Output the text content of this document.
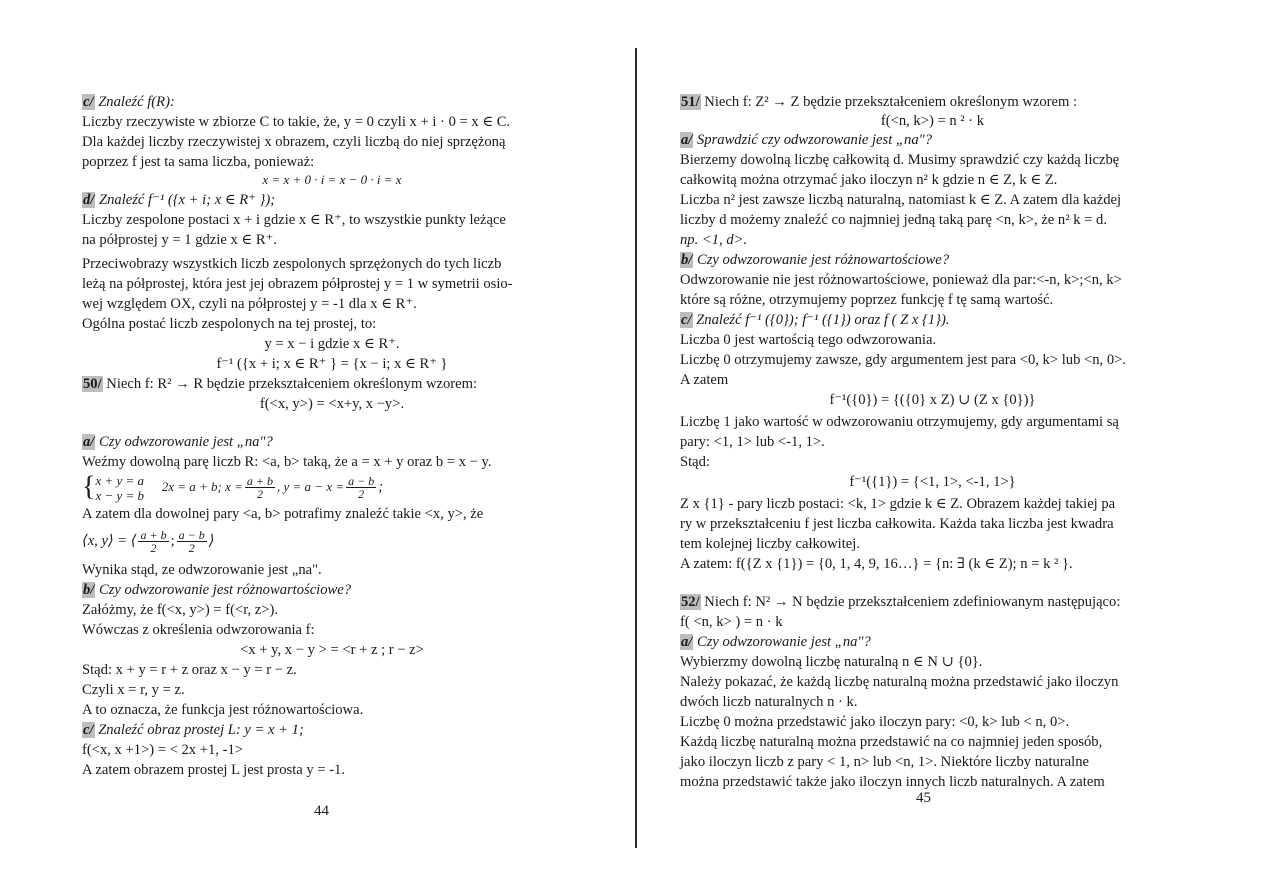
c/ Znaleźć f(R):
Liczby rzeczywiste w zbiorze C to takie, że, y = 0 czyli x + i · 0 = x ∈ C.
Dla każdej liczby rzeczywistej x obrazem, czyli liczbą do niej sprzężoną
poprzez f jest ta sama liczba, ponieważ:
x = x + 0 · i = x − 0 · i = x
d/ Znaleźć f⁻¹ ({x + i; x ∈ R⁺ });
Liczby zespolone postaci x + i gdzie x ∈ R⁺, to wszystkie punkty leżące
na półprostej y = 1 gdzie x ∈ R⁺.
Przeciwobrazy wszystkich liczb zespolonych sprzężonych do tych liczb
leżą na półprostej, która jest jej obrazem półprostej y = 1 w symetrii osio-
wej względem OX, czyli na półprostej y = -1 dla x ∈ R⁺.
Ogólna postać liczb zespolonych na tej prostej, to:
y = x − i gdzie x ∈ R⁺.
f⁻¹ ({x + i; x ∈ R⁺ } = {x − i; x ∈ R⁺ }
50/ Niech f: R² → R będzie przekształceniem określonym wzorem:
f(<x, y>) = <x+y, x −y>.
a/ Czy odwzorowanie jest „na"?
Weźmy dowolną parę liczb R: <a, b> taką, że a = x + y oraz b = x − y.
{ x + y = a
x − y = b
2x = a + b; $x = \frac{a + b}{2}$ , $y = a - x = \frac{a - b}{2}$ ;
A zatem dla dowolnej pary <a, b> potrafimy znaleźć takie <x, y>, że
⟨x, y⟩ = ⟨ $\frac{a + b}{2}$ ; $\frac{a - b}{2}$ ⟩
Wynika stąd, ze odwzorowanie jest „na".
b/ Czy odwzorowanie jest różnowartościowe?
Załóżmy, że f(<x, y>) = f(<r, z>).
Wówczas z określenia odwzorowania f:
<x + y, x − y > = <r + z ; r − z>
Stąd: x + y = r + z oraz x − y = r − z.
Czyli x = r, y = z.
A to oznacza, że funkcja jest różnowartościowa.
c/ Znaleźć obraz prostej L: y = x + 1;
f(<x, x +1>) = < 2x +1, -1>
A zatem obrazem prostej L jest prosta y = -1.
44
51/ Niech f: Z² → Z będzie przekształceniem określonym wzorem :
f(<n, k>) = n ² · k
a/ Sprawdzić czy odwzorowanie jest „na"?
Bierzemy dowolną liczbę całkowitą d. Musimy sprawdzić czy każdą liczbę
całkowitą można otrzymać jako iloczyn n² k gdzie n ∈ Z, k ∈ Z.
Liczba n² jest zawsze liczbą naturalną, natomiast k ∈ Z. A zatem dla każdej
liczby d możemy znaleźć co najmniej jedną taką parę <n, k>, że n² k = d.
np. <1, d>.
b/ Czy odwzorowanie jest różnowartościowe?
Odwzorowanie nie jest różnowartościowe, ponieważ dla par:<-n, k>;<n, k>
które są różne, otrzymujemy poprzez funkcję f tę samą wartość.
c/ Znaleźć f⁻¹ ({0}); f⁻¹ ({1}) oraz f ( Z x {1}).
Liczba 0 jest wartością tego odwzorowania.
Liczbę 0 otrzymujemy zawsze, gdy argumentem jest para <0, k> lub <n, 0>.
A zatem
f⁻¹({0}) = {({0} x Z) ∪ (Z x {0})}
Liczbę 1 jako wartość w odwzorowaniu otrzymujemy, gdy argumentami są
pary: <1, 1> lub <-1, 1>.
Stąd:
f⁻¹({1}) = {<1, 1>, <-1, 1>}
Z x {1} - pary liczb postaci: <k, 1> gdzie k ∈ Z. Obrazem każdej takiej pa
ry w przekształceniu f jest liczba całkowita. Każda taka liczba jest kwadra
tem kolejnej liczby całkowitej.
A zatem: f({Z x {1}) = {0, 1, 4, 9, 16…} = {n: ∃ (k ∈ Z); n = k ² }.
52/ Niech f: N² → N będzie przekształceniem zdefiniowanym następująco:
f( <n, k> ) = n · k
a/ Czy odwzorowanie jest „na"?
Wybierzmy dowolną liczbę naturalną n ∈ N ∪ {0}.
Należy pokazać, że każdą liczbę naturalną można przedstawić jako iloczyn
dwóch liczb naturalnych n · k.
Liczbę 0 można przedstawić jako iloczyn pary: <0, k> lub < n, 0>.
Każdą liczbę naturalną można przedstawić na co najmniej jeden sposób,
jako iloczyn liczb z pary < 1, n> lub <n, 1>. Niektóre liczby naturalne
można przedstawić także jako iloczyn innych liczb naturalnych. A zatem
45
